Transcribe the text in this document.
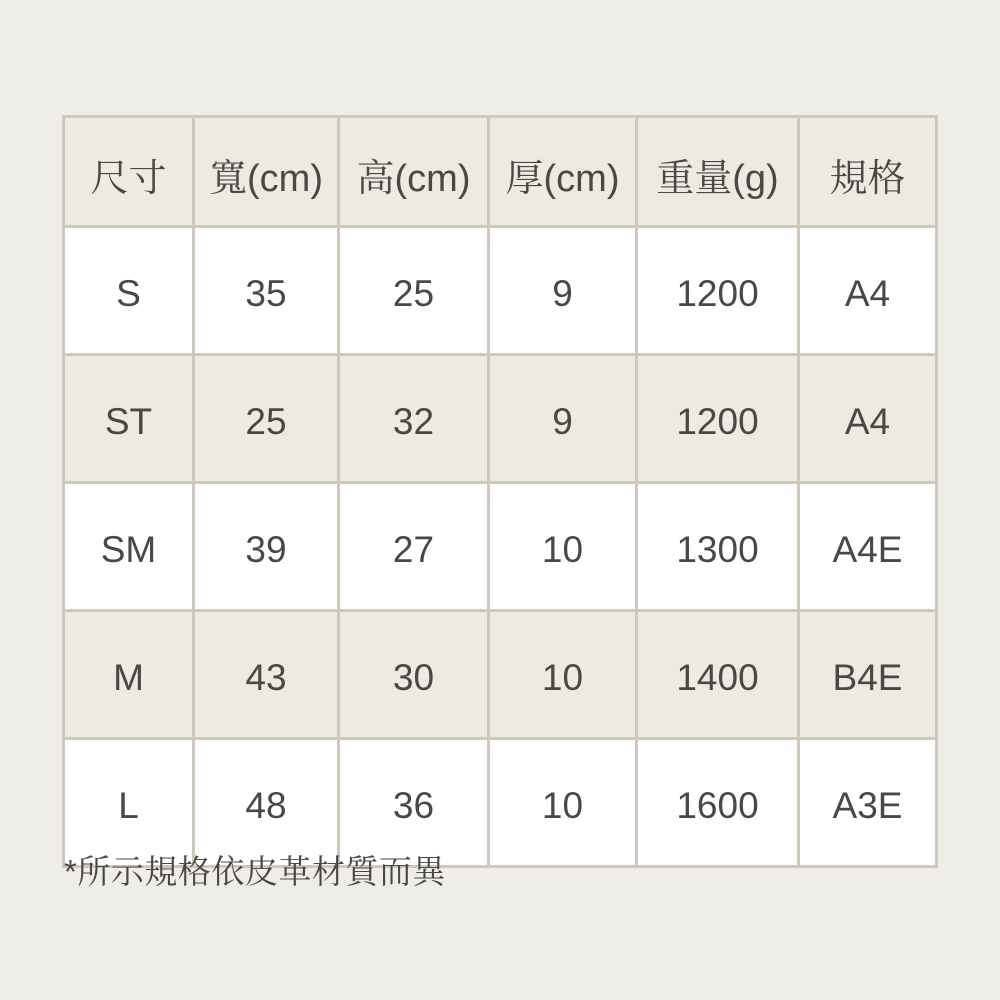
尺寸	寬(cm)	高(cm)	厚(cm)	重量(g)	規格
S	35	25	9	1200	A4
ST	25	32	9	1200	A4
SM	39	27	10	1300	A4E
M	43	30	10	1400	B4E
L	48	36	10	1600	A3E
*所示規格依皮革材質而異
